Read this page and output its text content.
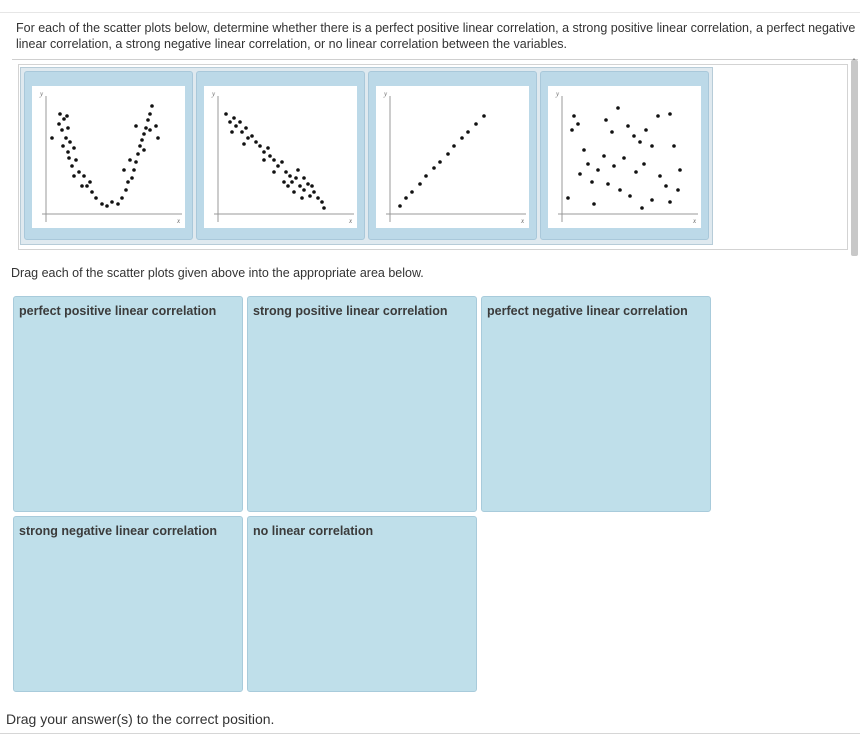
For each of the scatter plots below, determine whether there is a perfect positive linear correlation, a strong positive linear correlation, a perfect negative linear correlation, a strong negative linear correlation, or no linear correlation between the variables.
y
x
y
x
y
x
y
x
Drag each of the scatter plots given above into the appropriate area below.
perfect positive linear correlation	strong positive linear correlation	perfect negative linear correlation
strong negative linear correlation	no linear correlation
Drag your answer(s) to the correct position.
